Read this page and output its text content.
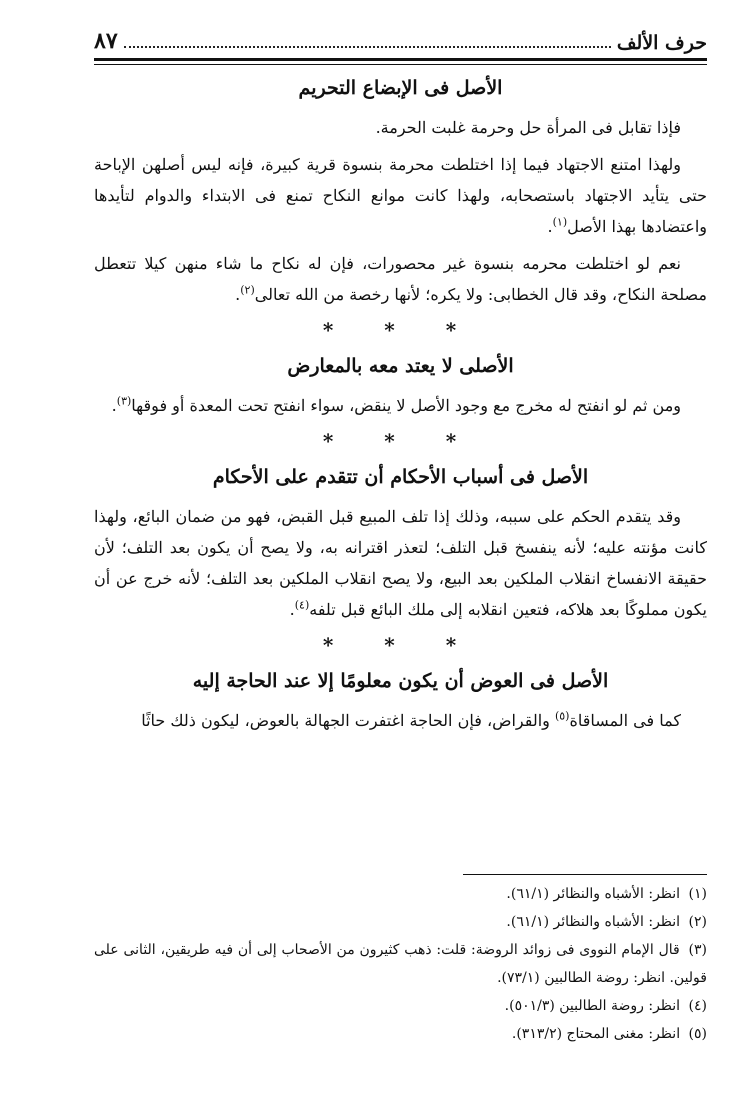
حرف الألف
٨٧
الأصل فى الإبضاع التحريم

فإذا تقابل فى المرأة حل وحرمة غلبت الحرمة.

ولهذا امتنع الاجتهاد فيما إذا اختلطت محرمة بنسوة قرية كبيرة، فإنه ليس أصلهن الإباحة حتى يتأيد الاجتهاد باستصحابه، ولهذا كانت موانع النكاح تمنع فى الابتداء والدوام لتأيدها واعتضادها بهذا الأصل$^{(١)}$.

نعم لو اختلطت محرمه بنسوة غير محصورات، فإن له نكاح ما شاء منهن كيلا تتعطل مصلحة النكاح، وقد قال الخطابى: ولا يكره؛ لأنها رخصة من الله تعالى$^{(٢)}$.

* * *
الأصلى لا يعتد معه بالمعارض

ومن ثم لو انفتح له مخرج مع وجود الأصل لا ينقض، سواء انفتح تحت المعدة أو فوقها$^{(٣)}$.

* * *
الأصل فى أسباب الأحكام أن تتقدم على الأحكام

وقد يتقدم الحكم على سببه، وذلك إذا تلف المبيع قبل القبض، فهو من ضمان البائع، ولهذا كانت مؤنته عليه؛ لأنه ينفسخ قبل التلف؛ لتعذر اقترانه به، ولا يصح أن يكون بعد التلف؛ لأن حقيقة الانفساخ انقلاب الملكين بعد البيع، ولا يصح انقلاب الملكين بعد التلف؛ لأنه خرج عن أن يكون مملوكًا بعد هلاكه، فتعين انقلابه إلى ملك البائع قبل تلفه$^{(٤)}$.

* * *
الأصل فى العوض أن يكون معلومًا إلا عند الحاجة إليه

كما فى المساقاة$^{(٥)}$ والقراض، فإن الحاجة اغتفرت الجهالة بالعوض، ليكون ذلك حاثًا

(١) انظر: الأشباه والنظائر (٦١/١).

(٢) انظر: الأشباه والنظائر (٦١/١).

(٣) قال الإمام النووى فى زوائد الروضة: قلت: ذهب كثيرون من الأصحاب إلى أن فيه طريقين، الثانى على قولين. انظر: روضة الطالبين (٧٣/١).

(٤) انظر: روضة الطالبين (٥٠١/٣).

(٥) انظر: مغنى المحتاج (٣١٣/٢).
